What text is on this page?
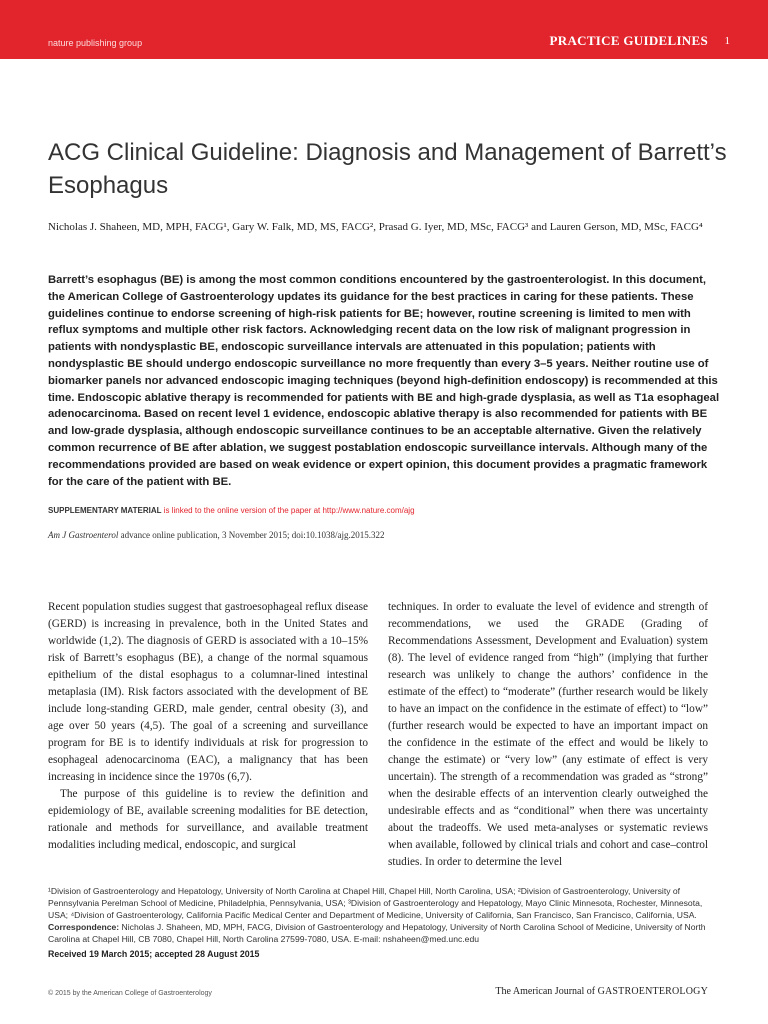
nature publishing group	PRACTICE GUIDELINES 1
ACG Clinical Guideline: Diagnosis and Management of Barrett’s Esophagus

Nicholas J. Shaheen, MD, MPH, FACG¹, Gary W. Falk, MD, MS, FACG², Prasad G. Iyer, MD, MSc, FACG³ and Lauren Gerson, MD, MSc, FACG⁴

Barrett’s esophagus (BE) is among the most common conditions encountered by the gastroenterologist. In this document, the American College of Gastroenterology updates its guidance for the best practices in caring for these patients. These guidelines continue to endorse screening of high-risk patients for BE; however, routine screening is limited to men with reflux symptoms and multiple other risk factors. Acknowledging recent data on the low risk of malignant progression in patients with nondysplastic BE, endoscopic surveillance intervals are attenuated in this population; patients with nondysplastic BE should undergo endoscopic surveillance no more frequently than every 3–5 years. Neither routine use of biomarker panels nor advanced endoscopic imaging techniques (beyond high-definition endoscopy) is recommended at this time. Endoscopic ablative therapy is recommended for patients with BE and high-grade dysplasia, as well as T1a esophageal adenocarcinoma. Based on recent level 1 evidence, endoscopic ablative therapy is also recommended for patients with BE and low-grade dysplasia, although endoscopic surveillance continues to be an acceptable alternative. Given the relatively common recurrence of BE after ablation, we suggest postablation endoscopic surveillance intervals. Although many of the recommendations provided are based on weak evidence or expert opinion, this document provides a pragmatic framework for the care of the patient with BE.

SUPPLEMENTARY MATERIAL is linked to the online version of the paper at http://www.nature.com/ajg
Am J Gastroenterol advance online publication, 3 November 2015; doi:10.1038/ajg.2015.322

Recent population studies suggest that gastroesophageal reflux disease (GERD) is increasing in prevalence, both in the United States and worldwide (1,2). The diagnosis of GERD is associated with a 10–15% risk of Barrett’s esophagus (BE), a change of the normal squamous epithelium of the distal esophagus to a columnar-lined intestinal metaplasia (IM). Risk factors associated with the development of BE include long-standing GERD, male gender, central obesity (3), and age over 50 years (4,5). The goal of a screening and surveillance program for BE is to identify individuals at risk for progression to esophageal adenocarcinoma (EAC), a malignancy that has been increasing in incidence since the 1970s (6,7).

The purpose of this guideline is to review the definition and epidemiology of BE, available screening modalities for BE detection, rationale and methods for surveillance, and available treatment modalities including medical, endoscopic, and surgical

techniques. In order to evaluate the level of evidence and strength of recommendations, we used the GRADE (Grading of Recommendations Assessment, Development and Evaluation) system (8). The level of evidence ranged from “high” (implying that further research was unlikely to change the authors’ confidence in the estimate of the effect) to “moderate” (further research would be likely to have an impact on the confidence in the estimate of effect) to “low” (further research would be expected to have an important impact on the confidence in the estimate of the effect and would be likely to change the estimate) or “very low” (any estimate of effect is very uncertain). The strength of a recommendation was graded as “strong” when the desirable effects of an intervention clearly outweighed the undesirable effects and as “conditional” when there was uncertainty about the tradeoffs. We used meta-analyses or systematic reviews when available, followed by clinical trials and cohort and case–control studies. In order to determine the level

¹Division of Gastroenterology and Hepatology, University of North Carolina at Chapel Hill, Chapel Hill, North Carolina, USA; ²Division of Gastroenterology, University of Pennsylvania Perelman School of Medicine, Philadelphia, Pennsylvania, USA; ³Division of Gastroenterology and Hepatology, Mayo Clinic Minnesota, Rochester, Minnesota, USA; ⁴Division of Gastroenterology, California Pacific Medical Center and Department of Medicine, University of California, San Francisco, San Francisco, California, USA. Correspondence: Nicholas J. Shaheen, MD, MPH, FACG, Division of Gastroenterology and Hepatology, University of North Carolina School of Medicine, University of North Carolina at Chapel Hill, CB 7080, Chapel Hill, North Carolina 27599-7080, USA. E-mail: nshaheen@med.unc.edu

Received 19 March 2015; accepted 28 August 2015
© 2015 by the American College of Gastroenterology	The American Journal of GASTROENTEROLOGY
